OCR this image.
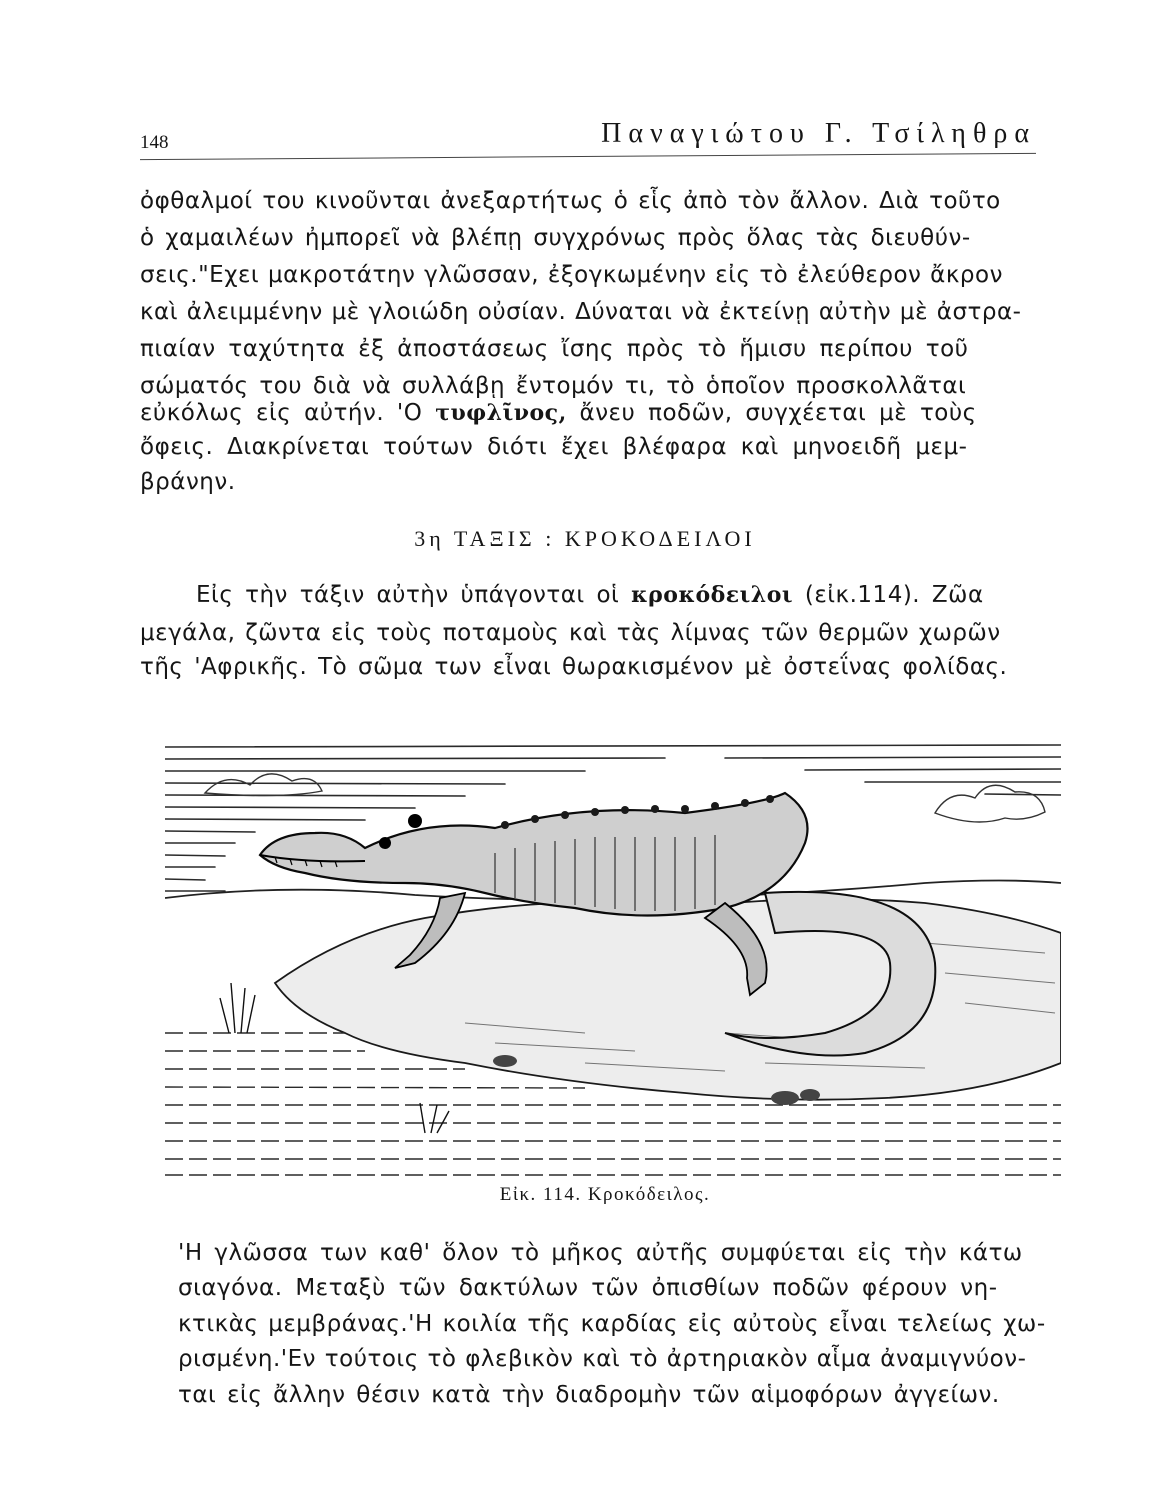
148	Παναγιώτου Γ. Τσίληθρα
ὀφθαλμοί του κινοῦνται ἀνεξαρτήτως ὁ εἷς ἀπὸ τὸν ἄλλον. Διὰ τοῦτο
ὁ χαμαιλέων ἠμπορεῖ νὰ βλέπῃ συγχρόνως πρὸς ὅλας τὰς διευθύν-
σεις."Εχει μακροτάτην γλῶσσαν, ἐξογκωμένην εἰς τὸ ἐλεύθερον ἄκρον
καὶ ἀλειμμένην μὲ γλοιώδη οὐσίαν. Δύναται νὰ ἐκτείνῃ αὐτὴν μὲ ἀστρα-
πιαίαν ταχύτητα ἐξ ἀποστάσεως ἴσης πρὸς τὸ ἥμισυ περίπου τοῦ
σώματός του διὰ νὰ συλλάβῃ ἔντομόν τι, τὸ ὁποῖον προσκολλᾶται
εὐκόλως εἰς αὐτήν. 'Ο τυφλῖνος, ἄνευ ποδῶν, συγχέεται μὲ τοὺς
ὄφεις. Διακρίνεται τούτων διότι ἔχει βλέφαρα καὶ μηνοειδῆ μεμ-
βράνην.
3η ΤΑΞΙΣ : ΚΡΟΚΟΔΕΙΛΟΙ
Εἰς τὴν τάξιν αὐτὴν ὑπάγονται οἱ κροκόδειλοι (εἰκ.114). Ζῶα
μεγάλα, ζῶντα εἰς τοὺς ποταμοὺς καὶ τὰς λίμνας τῶν θερμῶν χωρῶν
τῆς 'Αφρικῆς. Τὸ σῶμα των εἶναι θωρακισμένον μὲ ὀστεΐνας φολίδας.
Εἰκ. 114. Κροκόδειλος.
'Η γλῶσσα των καθ' ὅλον τὸ μῆκος αὐτῆς συμφύεται εἰς τὴν κάτω
σιαγόνα. Μεταξὺ τῶν δακτύλων τῶν ὀπισθίων ποδῶν φέρουν νη-
κτικὰς μεμβράνας.'Η κοιλία τῆς καρδίας εἰς αὐτοὺς εἶναι τελείως χω-
ρισμένη.'Εν τούτοις τὸ φλεβικὸν καὶ τὸ ἀρτηριακὸν αἷμα ἀναμιγνύον-
ται εἰς ἄλλην θέσιν κατὰ τὴν διαδρομὴν τῶν αἱμοφόρων ἀγγείων.
